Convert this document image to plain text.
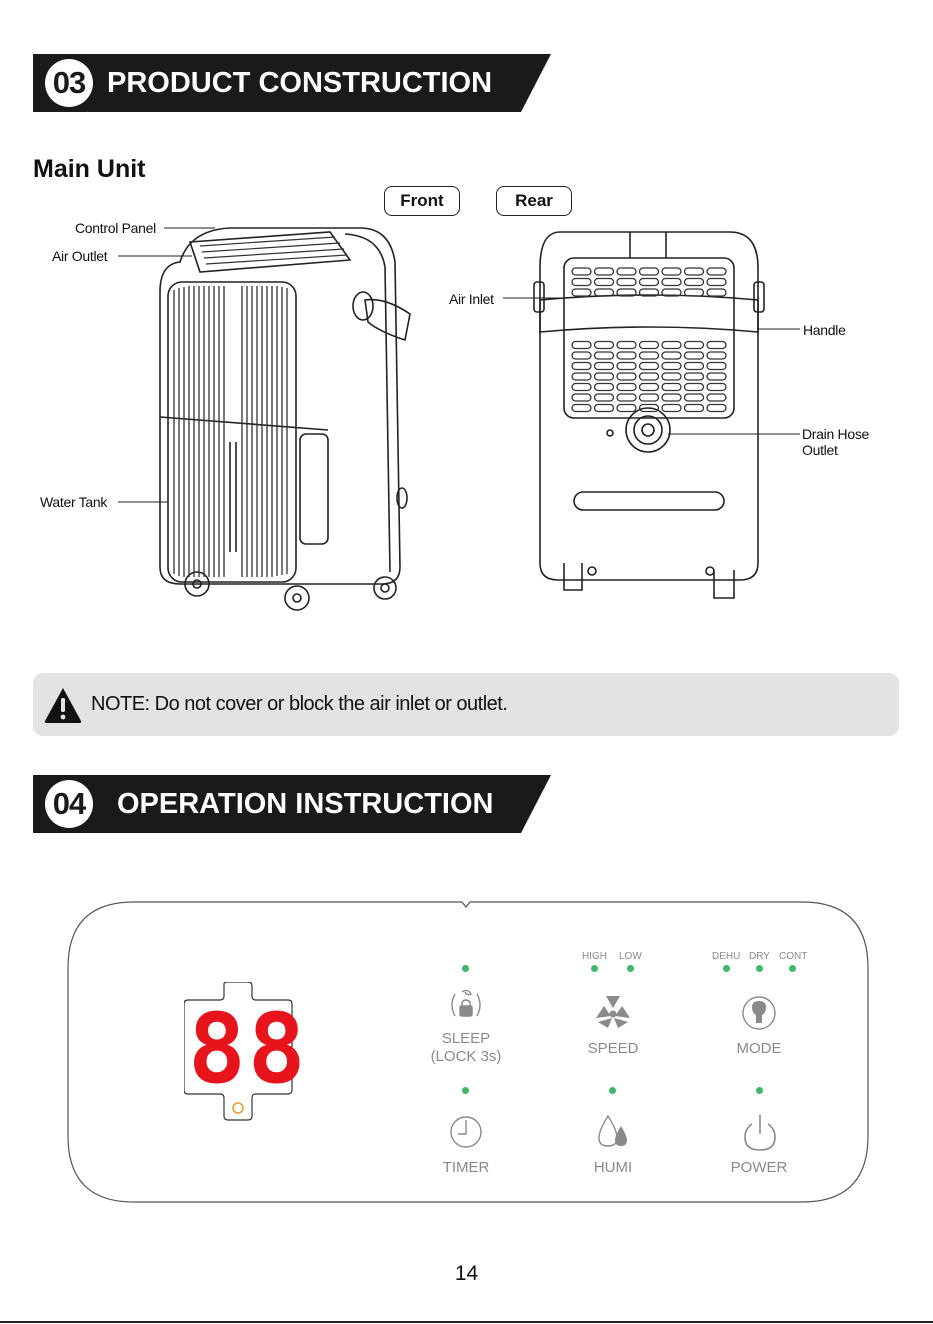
03 PRODUCT CONSTRUCTION
Main Unit
Front	Rear
Control Panel
Air Outlet
Water Tank
Air Inlet
Handle
Drain Hose
Outlet
NOTE: Do not cover or block the air inlet or outlet.
04 OPERATION INSTRUCTION
88
HIGH LOW	DEHU DRY CONT
SLEEP
(LOCK 3s)	SPEED	MODE
TIMER	HUMI	POWER
14
